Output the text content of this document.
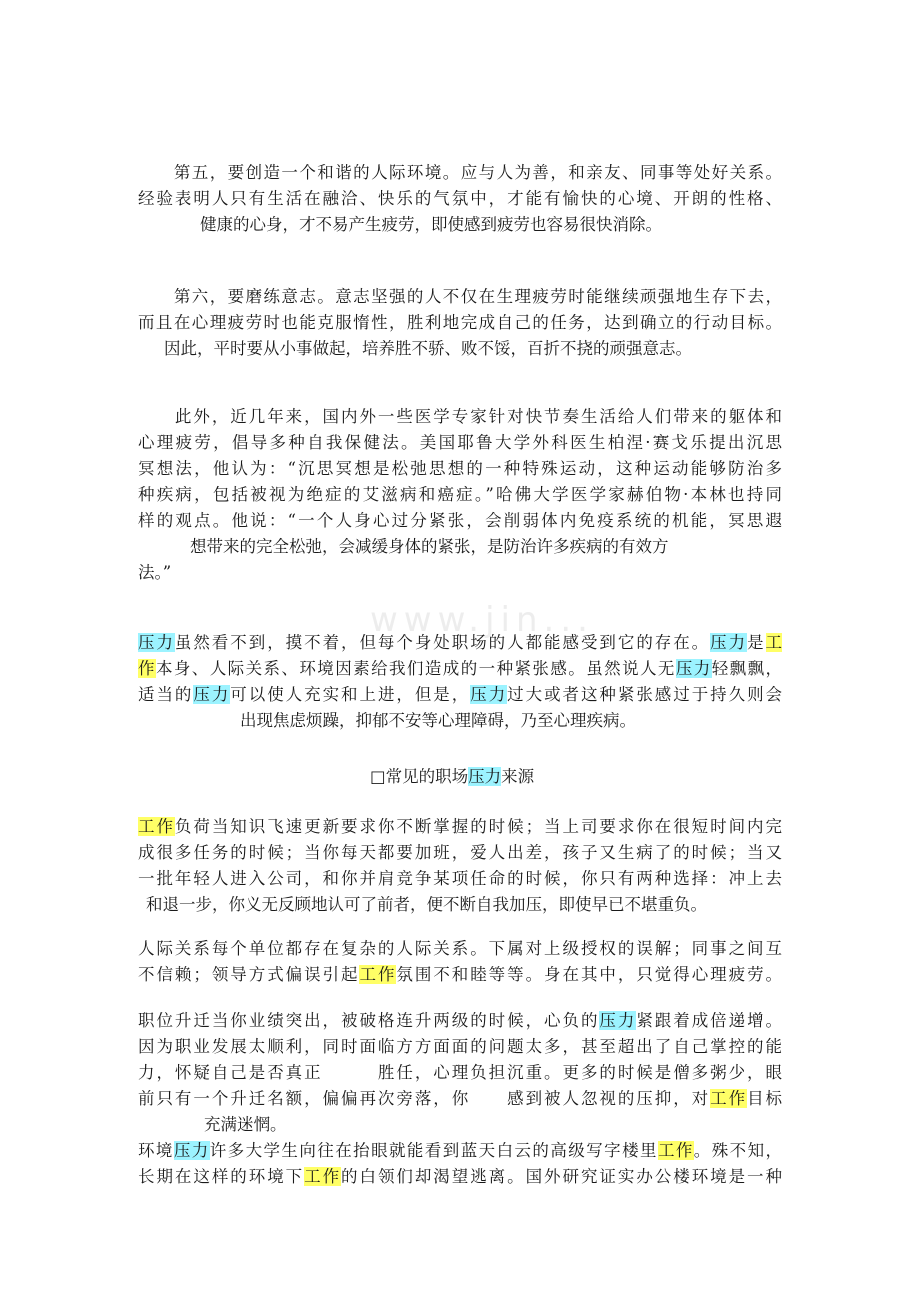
www.jin...
　　第五，要创造一个和谐的人际环境。应与人为善，和亲友、同事等处好关系。
经验表明人只有生活在融洽、快乐的气氛中，才能有愉快的心境、开朗的性格、
健康的心身，才不易产生疲劳，即使感到疲劳也容易很快消除。
　　第六，要磨练意志。意志坚强的人不仅在生理疲劳时能继续顽强地生存下去，
而且在心理疲劳时也能克服惰性，胜利地完成自己的任务，达到确立的行动目标。
因此，平时要从小事做起，培养胜不骄、败不馁，百折不挠的顽强意志。
　　此外，近几年来，国内外一些医学专家针对快节奏生活给人们带来的躯体和
心理疲劳，倡导多种自我保健法。美国耶鲁大学外科医生柏涅·赛戈乐提出沉思
冥想法，他认为：“沉思冥想是松弛思想的一种特殊运动，这种运动能够防治多
种疾病，包括被视为绝症的艾滋病和癌症。”哈佛大学医学家赫伯物·本林也持同
样的观点。他说：“一个人身心过分紧张，会削弱体内免疫系统的机能，冥思遐
想带来的完全松弛，会减缓身体的紧张，是防治许多疾病的有效方
法。”
压力虽然看不到，摸不着，但每个身处职场的人都能感受到它的存在。压力是工
作本身、人际关系、环境因素给我们造成的一种紧张感。虽然说人无压力轻飘飘，
适当的压力可以使人充实和上进，但是，压力过大或者这种紧张感过于持久则会
出现焦虑烦躁，抑郁不安等心理障碍，乃至心理疾病。
□常见的职场压力来源
工作负荷当知识飞速更新要求你不断掌握的时候；当上司要求你在很短时间内完
成很多任务的时候；当你每天都要加班，爱人出差，孩子又生病了的时候；当又
一批年轻人进入公司，和你并肩竞争某项任命的时候，你只有两种选择：冲上去
和退一步，你义无反顾地认可了前者，便不断自我加压，即使早已不堪重负。
人际关系每个单位都存在复杂的人际关系。下属对上级授权的误解；同事之间互
不信赖；领导方式偏误引起工作氛围不和睦等等。身在其中，只觉得心理疲劳。
职位升迁当你业绩突出，被破格连升两级的时候，心负的压力紧跟着成倍递增。
因为职业发展太顺利，同时面临方方面面的问题太多，甚至超出了自己掌控的能
力，怀疑自己是否真正　　　胜任，心理负担沉重。更多的时候是僧多粥少，眼
前只有一个升迁名额，偏偏再次旁落，你　　感到被人忽视的压抑，对工作目标
充满迷惘。
环境压力许多大学生向往在抬眼就能看到蓝天白云的高级写字楼里工作。殊不知，
长期在这样的环境下工作的白领们却渴望逃离。国外研究证实办公楼环境是一种
